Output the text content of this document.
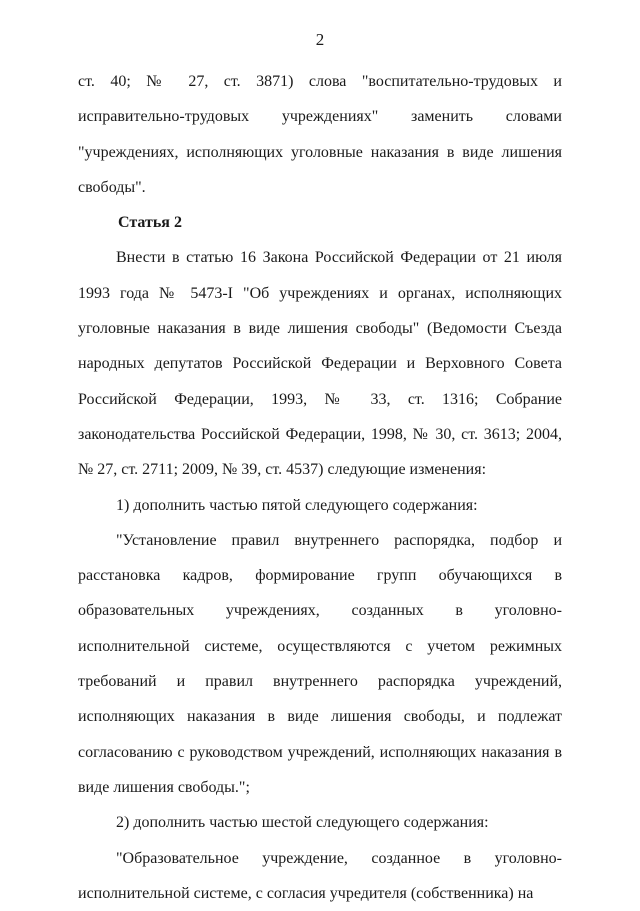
2

ст. 40; № 27, ст. 3871) слова "воспитательно-трудовых и исправительно-трудовых учреждениях" заменить словами "учреждениях, исполняющих уголовные наказания в виде лишения свободы".

Статья 2

Внести в статью 16 Закона Российской Федерации от 21 июля 1993 года № 5473-I "Об учреждениях и органах, исполняющих уголовные наказания в виде лишения свободы" (Ведомости Съезда народных депутатов Российской Федерации и Верховного Совета Российской Федерации, 1993, № 33, ст. 1316; Собрание законодательства Российской Федерации, 1998, № 30, ст. 3613; 2004, № 27, ст. 2711; 2009, № 39, ст. 4537) следующие изменения:

1) дополнить частью пятой следующего содержания:

"Установление правил внутреннего распорядка, подбор и расстановка кадров, формирование групп обучающихся в образовательных учреждениях, созданных в уголовно-исполнительной системе, осуществляются с учетом режимных требований и правил внутреннего распорядка учреждений, исполняющих наказания в виде лишения свободы, и подлежат согласованию с руководством учреждений, исполняющих наказания в виде лишения свободы.";

2) дополнить частью шестой следующего содержания:

"Образовательное учреждение, созданное в уголовно-исполнительной системе, с согласия учредителя (собственника) на
